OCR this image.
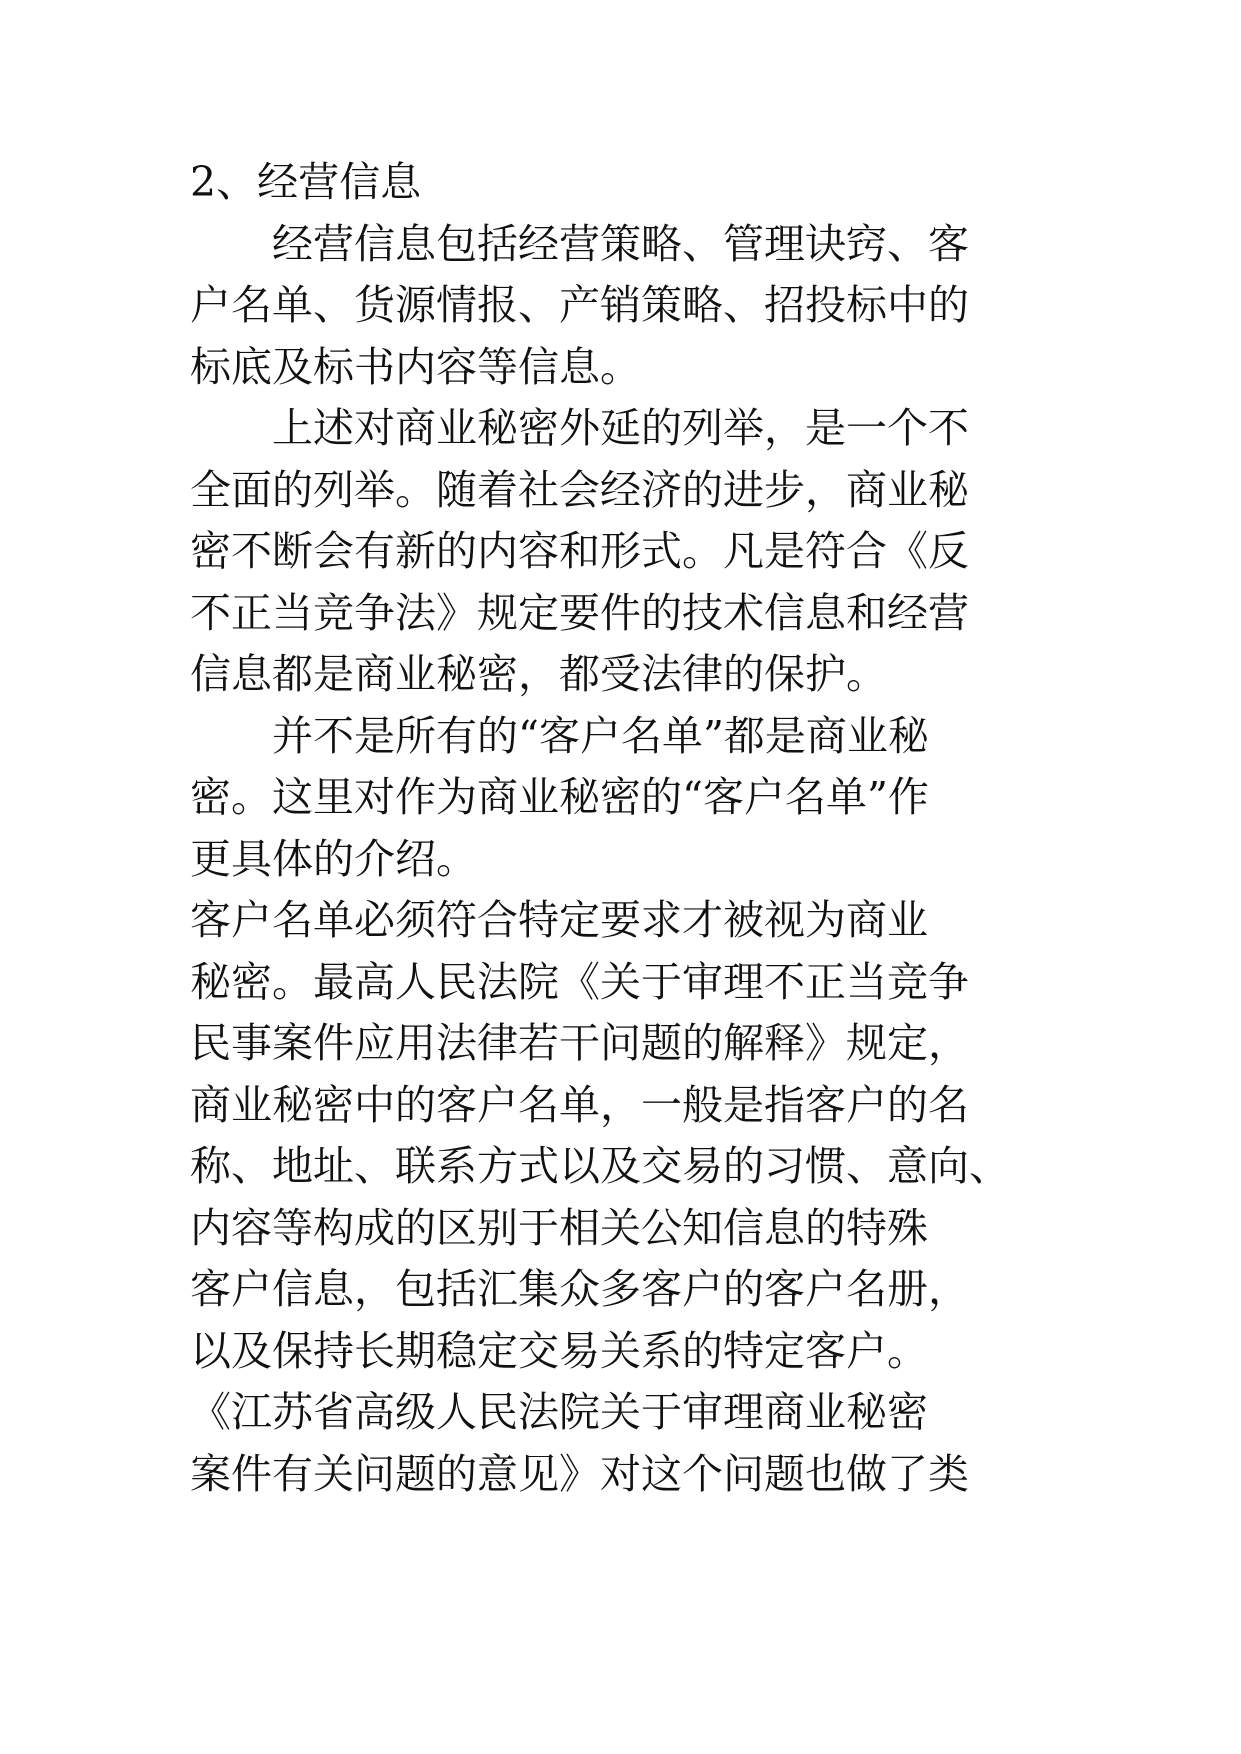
2、经营信息
经营信息包括经营策略、管理诀窍、客
户名单、货源情报、产销策略、招投标中的
标底及标书内容等信息。
上述对商业秘密外延的列举，是一个不
全面的列举。随着社会经济的进步，商业秘
密不断会有新的内容和形式。凡是符合《反
不正当竞争法》规定要件的技术信息和经营
信息都是商业秘密，都受法律的保护。
并不是所有的“客户名单”都是商业秘
密。这里对作为商业秘密的“客户名单”作
更具体的介绍。
客户名单必须符合特定要求才被视为商业
秘密。最高人民法院《关于审理不正当竞争
民事案件应用法律若干问题的解释》规定，
商业秘密中的客户名单，一般是指客户的名
称、地址、联系方式以及交易的习惯、意向、
内容等构成的区别于相关公知信息的特殊
客户信息，包括汇集众多客户的客户名册，
以及保持长期稳定交易关系的特定客户。
《江苏省高级人民法院关于审理商业秘密
案件有关问题的意见》对这个问题也做了类
